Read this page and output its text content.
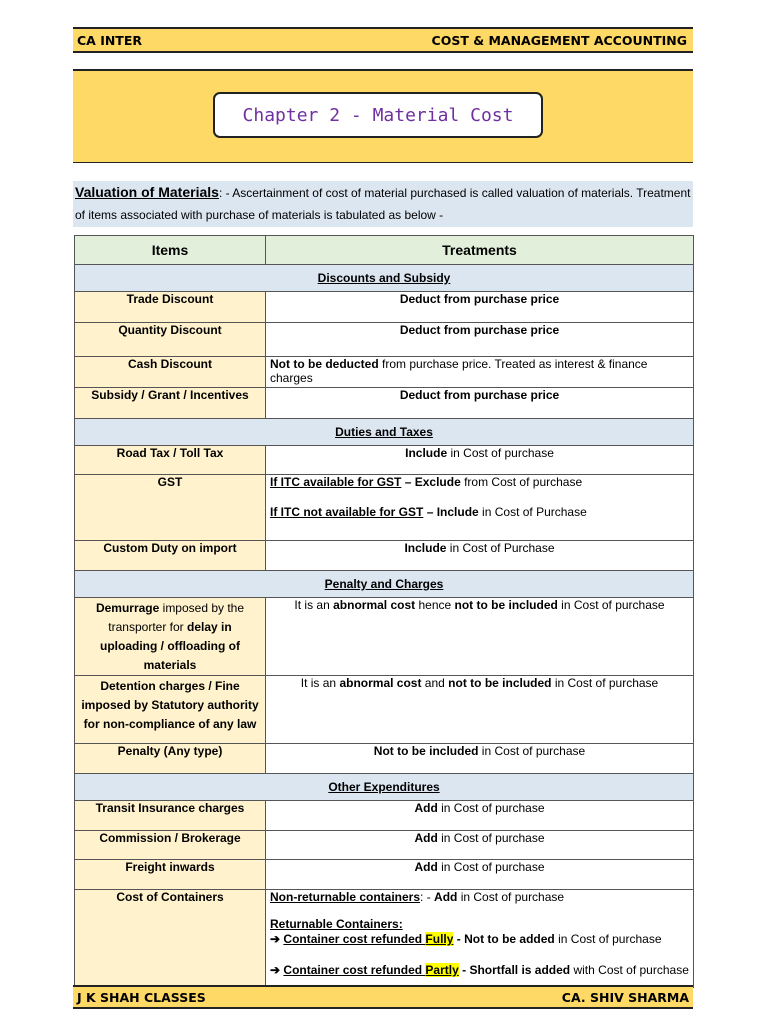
CA INTER	COST & MANAGEMENT ACCOUNTING
Chapter 2 - Material Cost
Valuation of Materials: - Ascertainment of cost of material purchased is called valuation of materials. Treatment of items associated with purchase of materials is tabulated as below -
Items	Treatments
Discounts and Subsidy	
Trade Discount	Deduct from purchase price
Quantity Discount	Deduct from purchase price
Cash Discount	Not to be deducted from purchase price. Treated as interest & finance charges
Subsidy / Grant / Incentives	Deduct from purchase price
Duties and Taxes	
Road Tax / Toll Tax	Include in Cost of purchase
GST	If ITC available for GST – Exclude from Cost of purchase
If ITC not available for GST – Include in Cost of Purchase

Custom Duty on import	Include in Cost of Purchase
Penalty and Charges	
Demurrage imposed by the transporter for delay in uploading / offloading of materials	It is an abnormal cost hence not to be included in Cost of purchase
Detention charges / Fine imposed by Statutory authority for non-compliance of any law	It is an abnormal cost and not to be included in Cost of purchase
Penalty (Any type)	Not to be included in Cost of purchase
Other Expenditures	
Transit Insurance charges	Add in Cost of purchase
Commission / Brokerage	Add in Cost of purchase
Freight inwards	Add in Cost of purchase
Cost of Containers	Non-returnable containers: - Add in Cost of purchase
Returnable Containers:
➔ Container cost refunded Fully - Not to be added in Cost of purchase
➔ Container cost refunded Partly - Shortfall is added with Cost of purchase
J K SHAH CLASSES	CA. SHIV SHARMA
